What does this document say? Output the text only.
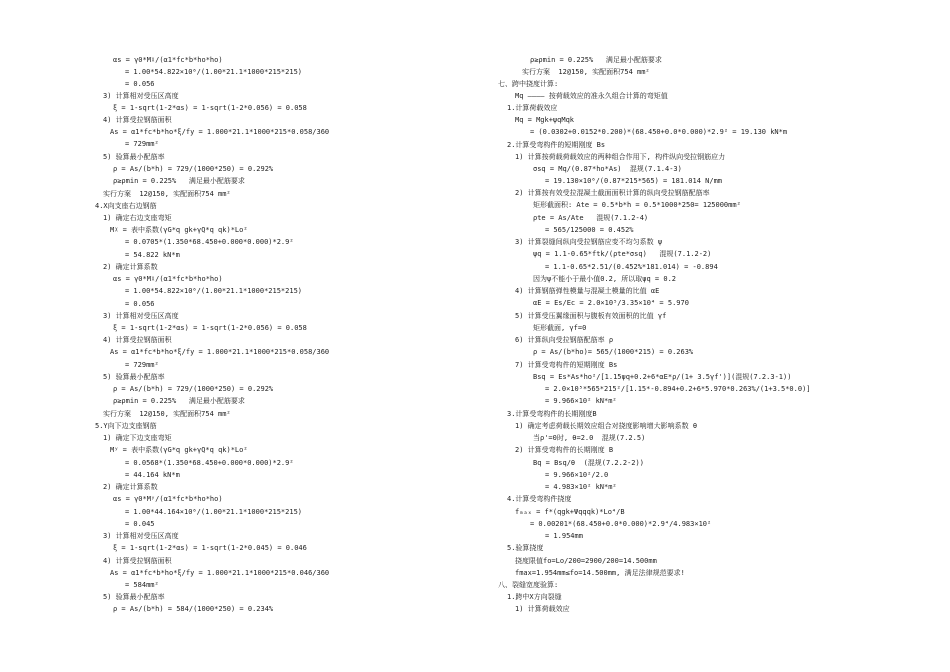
αs = γ0*Mᵡ/(α1*fc*b*ho*ho)
= 1.00*54.822×10⁶/(1.00*21.1*1000*215*215)
= 0.056
3) 计算相对受压区高度
ξ = 1-sqrt(1-2*αs) = 1-sqrt(1-2*0.056) = 0.058
4) 计算受拉钢筋面积
As = α1*fc*b*ho*ξ/fy = 1.000*21.1*1000*215*0.058/360
= 729mm²
5) 验算最小配筋率
ρ = As/(b*h) = 729/(1000*250) = 0.292%
ρ≥ρmin = 0.225%   满足最小配筋要求
实行方案  12@150, 实配面积754 mm²
4.X向支座右边钢筋
1) 确定右边支座弯矩
Mᵡ = 表中系数(γG*q gk+γQ*q qk)*Lo²
= 0.0705*(1.350*68.450+0.000*0.000)*2.9²
= 54.822 kN*m
2) 确定计算系数
αs = γ0*Mᵡ/(α1*fc*b*ho*ho)
= 1.00*54.822×10⁶/(1.00*21.1*1000*215*215)
= 0.056
3) 计算相对受压区高度
ξ = 1-sqrt(1-2*αs) = 1-sqrt(1-2*0.056) = 0.058
4) 计算受拉钢筋面积
As = α1*fc*b*ho*ξ/fy = 1.000*21.1*1000*215*0.058/360
= 729mm²
5) 验算最小配筋率
ρ = As/(b*h) = 729/(1000*250) = 0.292%
ρ≥ρmin = 0.225%   满足最小配筋要求
实行方案  12@150, 实配面积754 mm²
5.Y向下边支座钢筋
1) 确定下边支座弯矩
Mʸ = 表中系数(γG*q gk+γQ*q qk)*Lo²
= 0.0568*(1.350*68.450+0.000*0.000)*2.9²
= 44.164 kN*m
2) 确定计算系数
αs = γ0*Mʸ/(α1*fc*b*ho*ho)
= 1.00*44.164×10⁶/(1.00*21.1*1000*215*215)
= 0.045
3) 计算相对受压区高度
ξ = 1-sqrt(1-2*αs) = 1-sqrt(1-2*0.045) = 0.046
4) 计算受拉钢筋面积
As = α1*fc*b*ho*ξ/fy = 1.000*21.1*1000*215*0.046/360
= 584mm²
5) 验算最小配筋率
ρ = As/(b*h) = 584/(1000*250) = 0.234%
ρ≥ρmin = 0.225%   满足最小配筋要求
实行方案  12@150, 实配面积754 mm²
七、跨中挠度计算:
Mq ———— 按荷载效应的准永久组合计算的弯矩值
1.计算荷载效应
Mq = Mgk+ψqMqk
= (0.0302+0.0152*0.200)*(68.450+0.0*0.000)*2.9² = 19.130 kN*m
2.计算受弯构件的短期刚度 Bs
1) 计算按荷载荷载效应的两种组合作用下, 构件纵向受拉钢筋应力
σsq = Mq/(0.87*ho*As)  混规(7.1.4-3)
= 19.130×10⁶/(0.87*215*565) = 181.014 N/mm
2) 计算按有效受拉混凝土截面面积计算的纵向受拉钢筋配筋率
矩形截面积: Ate = 0.5*b*h = 0.5*1000*250= 125000mm²
ρte = As/Ate   混规(7.1.2-4)
= 565/125000 = 0.452%
3) 计算裂缝间纵向受拉钢筋应变不均匀系数 ψ
ψq = 1.1-0.65*ftk/(ρte*σsq)   混规(7.1.2-2)
= 1.1-0.65*2.51/(0.452%*181.014) = -0.894
因为ψ不能小于最小值0.2, 所以取ψq = 0.2
4) 计算钢筋弹性模量与混凝土模量的比值 αE
αE = Es/Ec = 2.0×10⁵/3.35×10⁴ = 5.970
5) 计算受压翼缘面积与腹板有效面积的比值 γf
矩形截面, γf=0
6) 计算纵向受拉钢筋配筋率 ρ
ρ = As/(b*ho)= 565/(1000*215) = 0.263%
7) 计算受弯构件的短期刚度 Bs
Bsq = Es*As*ho²/[1.15ψq+0.2+6*αE*ρ/(1+ 3.5γf')](混规(7.2.3-1))
= 2.0×10⁵*565*215²/[1.15*-0.894+0.2+6*5.970*0.263%/(1+3.5*0.0)]
= 9.966×10² kN*m²
3.计算受弯构件的长期刚度B
1) 确定考虑荷载长期效应组合对挠度影响增大影响系数 θ
当ρ'=0时, θ=2.0  混规(7.2.5)
2) 计算受弯构件的长期刚度 B
Bq = Bsq/θ  (混规(7.2.2-2))
= 9.966×10²/2.0
= 4.983×10² kN*m²
4.计算受弯构件挠度
fₘₐₓ = f*(qgk+Ψqqqk)*Lo⁴/B
= 0.00201*(68.450+0.0*0.000)*2.9⁴/4.983×10²
= 1.954mm
5.验算挠度
挠度限值fo=Lo/200=2900/200=14.500mm
fmax=1.954mm≤fo=14.500mm, 满足法律规范要求!
八、裂缝宽度验算:
1.跨中X方向裂缝
1) 计算荷载效应
